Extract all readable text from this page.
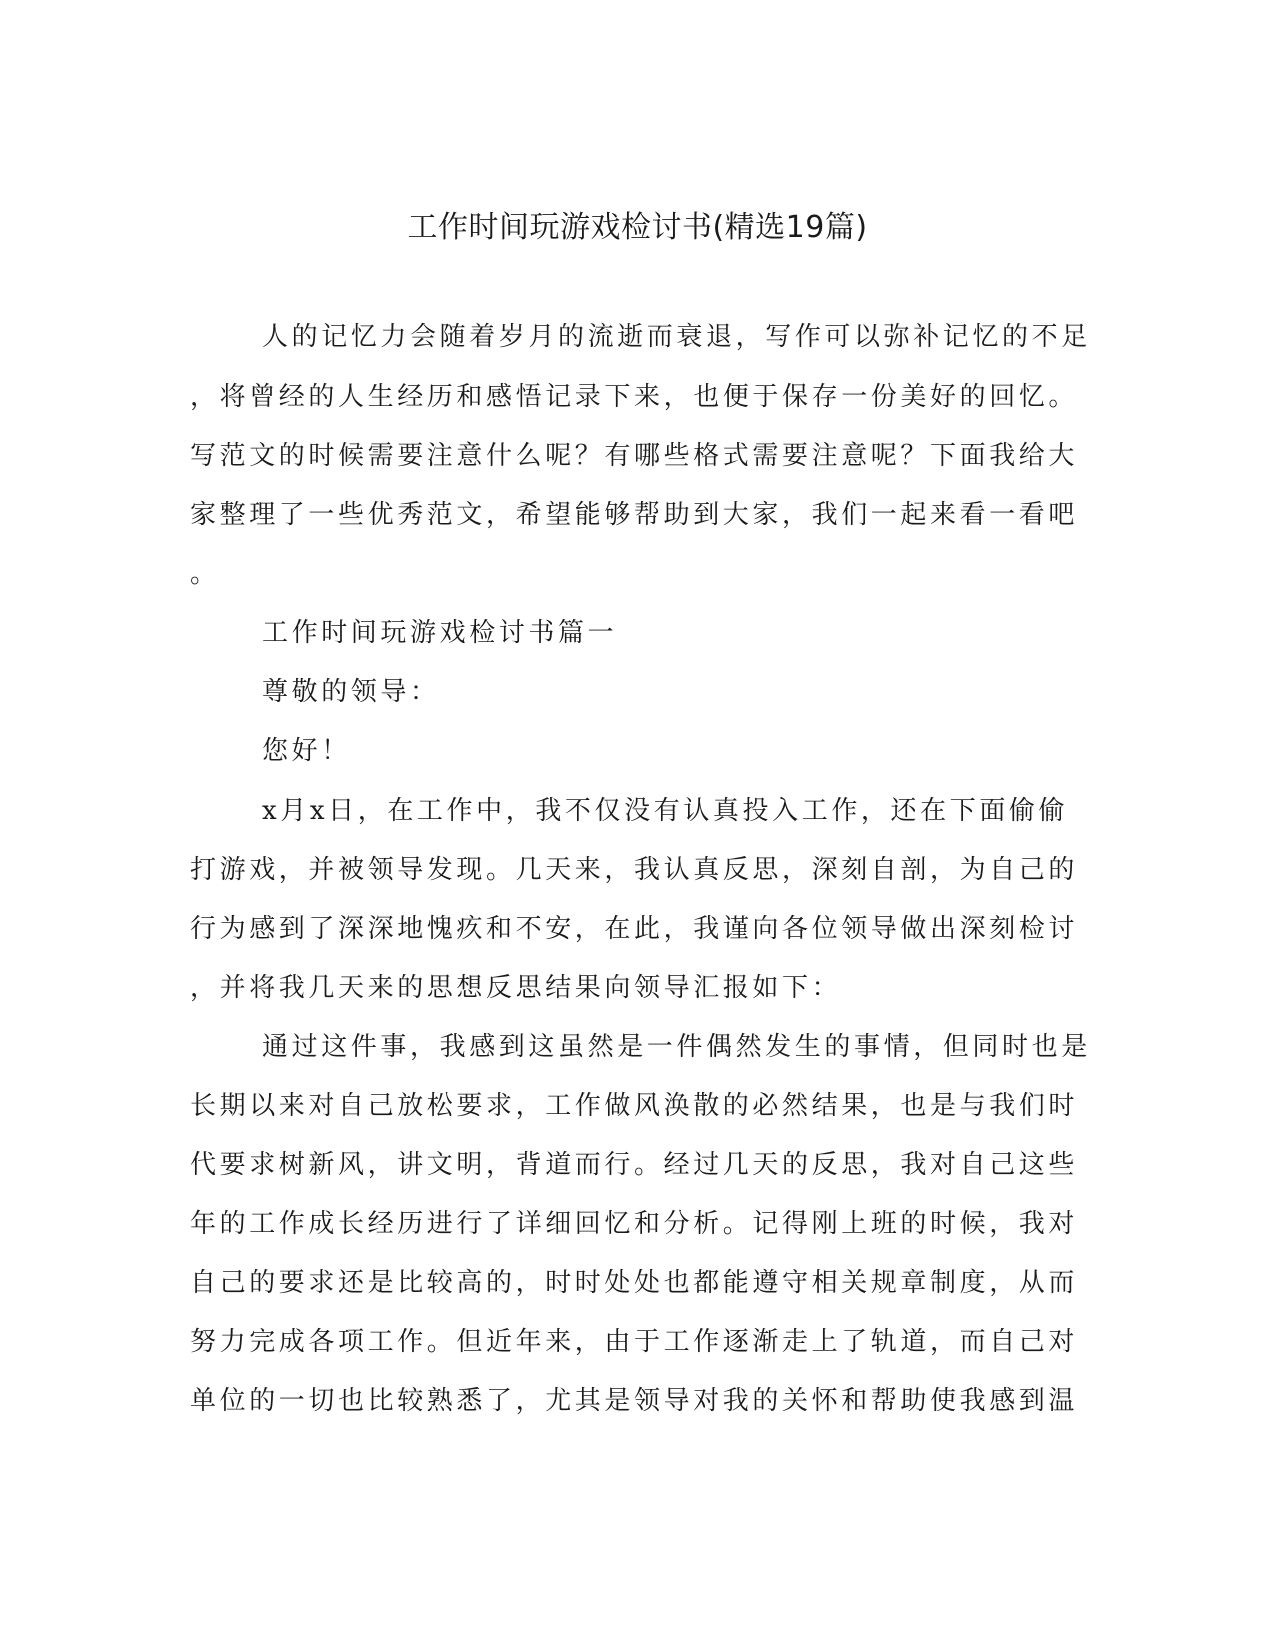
工作时间玩游戏检讨书(精选19篇)
人的记忆力会随着岁月的流逝而衰退，写作可以弥补记忆的不足
，将曾经的人生经历和感悟记录下来，也便于保存一份美好的回忆。
写范文的时候需要注意什么呢？有哪些格式需要注意呢？下面我给大
家整理了一些优秀范文，希望能够帮助到大家，我们一起来看一看吧
。
工作时间玩游戏检讨书篇一
尊敬的领导：
您好！
x月x日，在工作中，我不仅没有认真投入工作，还在下面偷偷
打游戏，并被领导发现。几天来，我认真反思，深刻自剖，为自己的
行为感到了深深地愧疚和不安，在此，我谨向各位领导做出深刻检讨
，并将我几天来的思想反思结果向领导汇报如下：
通过这件事，我感到这虽然是一件偶然发生的事情，但同时也是
长期以来对自己放松要求，工作做风涣散的必然结果，也是与我们时
代要求树新风，讲文明，背道而行。经过几天的反思，我对自己这些
年的工作成长经历进行了详细回忆和分析。记得刚上班的时候，我对
自己的要求还是比较高的，时时处处也都能遵守相关规章制度，从而
努力完成各项工作。但近年来，由于工作逐渐走上了轨道，而自己对
单位的一切也比较熟悉了，尤其是领导对我的关怀和帮助使我感到温
